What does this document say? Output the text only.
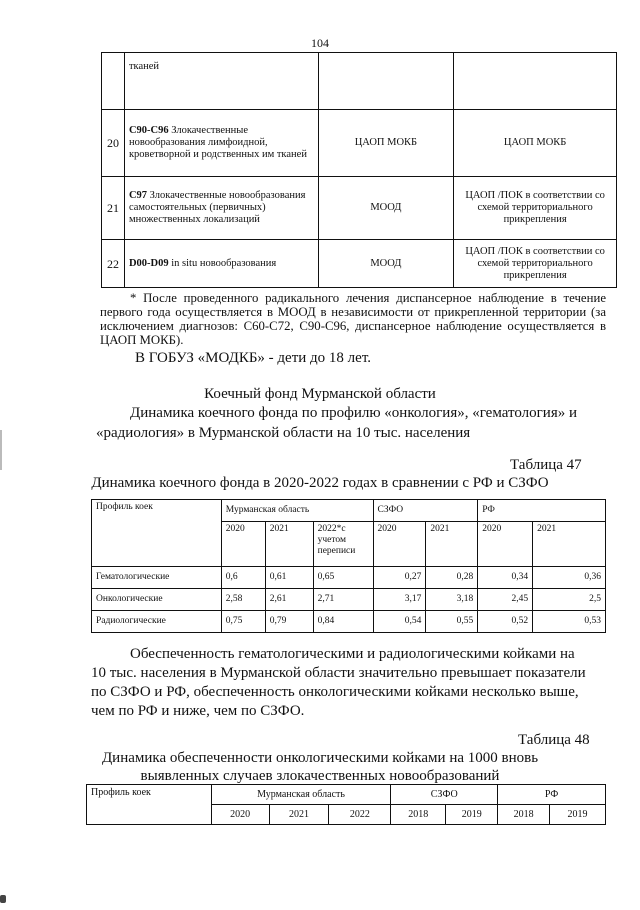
104
	тканей		
20	C90-C96 Злокачественные новообразования лимфоидной, кроветворной и родственных им тканей	ЦАОП МОКБ	ЦАОП МОКБ
21	C97 Злокачественные новообразования самостоятельных (первичных) множественных локализаций	МООД	ЦАОП /ПОК в соответствии со схемой территориального прикрепления
22	D00-D09 in situ новообразования	МООД	ЦАОП /ПОК в соответствии со схемой территориального прикрепления
* После проведенного радикального лечения диспансерное наблюдение в течение первого года осуществляется в МООД в независимости от прикрепленной территории (за исключением диагнозов: С60-С72, С90-С96, диспансерное наблюдение осуществляется в ЦАОП МОКБ).
В ГОБУЗ «МОДКБ» - дети до 18 лет.
Коечный фонд Мурманской области
Динамика коечного фонда по профилю «онкология», «гематология» и
«радиология» в Мурманской области на 10 тыс. населения
Таблица 47
Динамика коечного фонда в 2020-2022 годах в сравнении с РФ и СЗФО
Профиль коек	Мурманская область			СЗФО		РФ	
	2020	2021	2022*с учетом переписи	2020	2021	2020	2021
Гематологические	0,6	0,61	0,65	0,27	0,28	0,34	0,36
Онкологические	2,58	2,61	2,71	3,17	3,18	2,45	2,5
Радиологические	0,75	0,79	0,84	0,54	0,55	0,52	0,53
Обеспеченность гематологическими и радиологическими койками на
10 тыс. населения в Мурманской области значительно превышает показатели
по СЗФО и РФ, обеспеченность онкологическими койками несколько выше,
чем по РФ и ниже, чем по СЗФО.
Таблица 48
Динамика обеспеченности онкологическими койками на 1000 вновь
выявленных случаев злокачественных новообразований
Профиль коек	Мурманская область			СЗФО		РФ	
	2020	2021	2022	2018	2019	2018	2019
